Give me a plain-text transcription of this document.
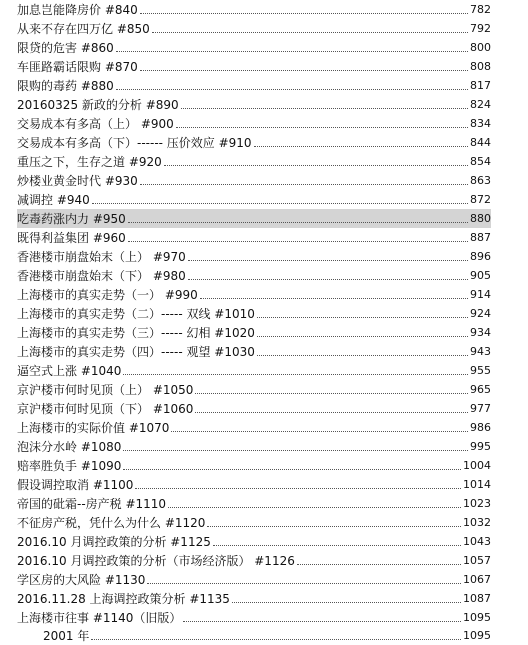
加息岂能降房价 #840	782
从来不存在四万亿 #850	792
限贷的危害 #860	800
车匪路霸话限购 #870	808
限购的毒药 #880	817
20160325 新政的分析 #890	824
交易成本有多高（上） #900	834
交易成本有多高（下）------ 压价效应 #910	844
重压之下，生存之道 #920	854
炒楼业黄金时代 #930	863
减调控 #940	872
吃毒药涨内力 #950	880
既得利益集团 #960	887
香港楼市崩盘始末（上） #970	896
香港楼市崩盘始末（下） #980	905
上海楼市的真实走势（一） #990	914
上海楼市的真实走势（二）----- 双线 #1010	924
上海楼市的真实走势（三）----- 幻相 #1020	934
上海楼市的真实走势（四）----- 观望 #1030	943
逼空式上涨 #1040	955
京沪楼市何时见顶（上） #1050	965
京沪楼市何时见顶（下） #1060	977
上海楼市的实际价值 #1070	986
泡沫分水岭 #1080	995
赔率胜负手 #1090	1004
假设调控取消 #1100	1014
帝国的砒霜--房产税 #1110	1023
不征房产税，凭什么为什么 #1120	1032
2016.10 月调控政策的分析 #1125	1043
2016.10 月调控政策的分析（市场经济版） #1126	1057
学区房的大风险 #1130	1067
2016.11.28 上海调控政策分析 #1135	1087
上海楼市往事 #1140（旧版）	1095
2001 年	1095
